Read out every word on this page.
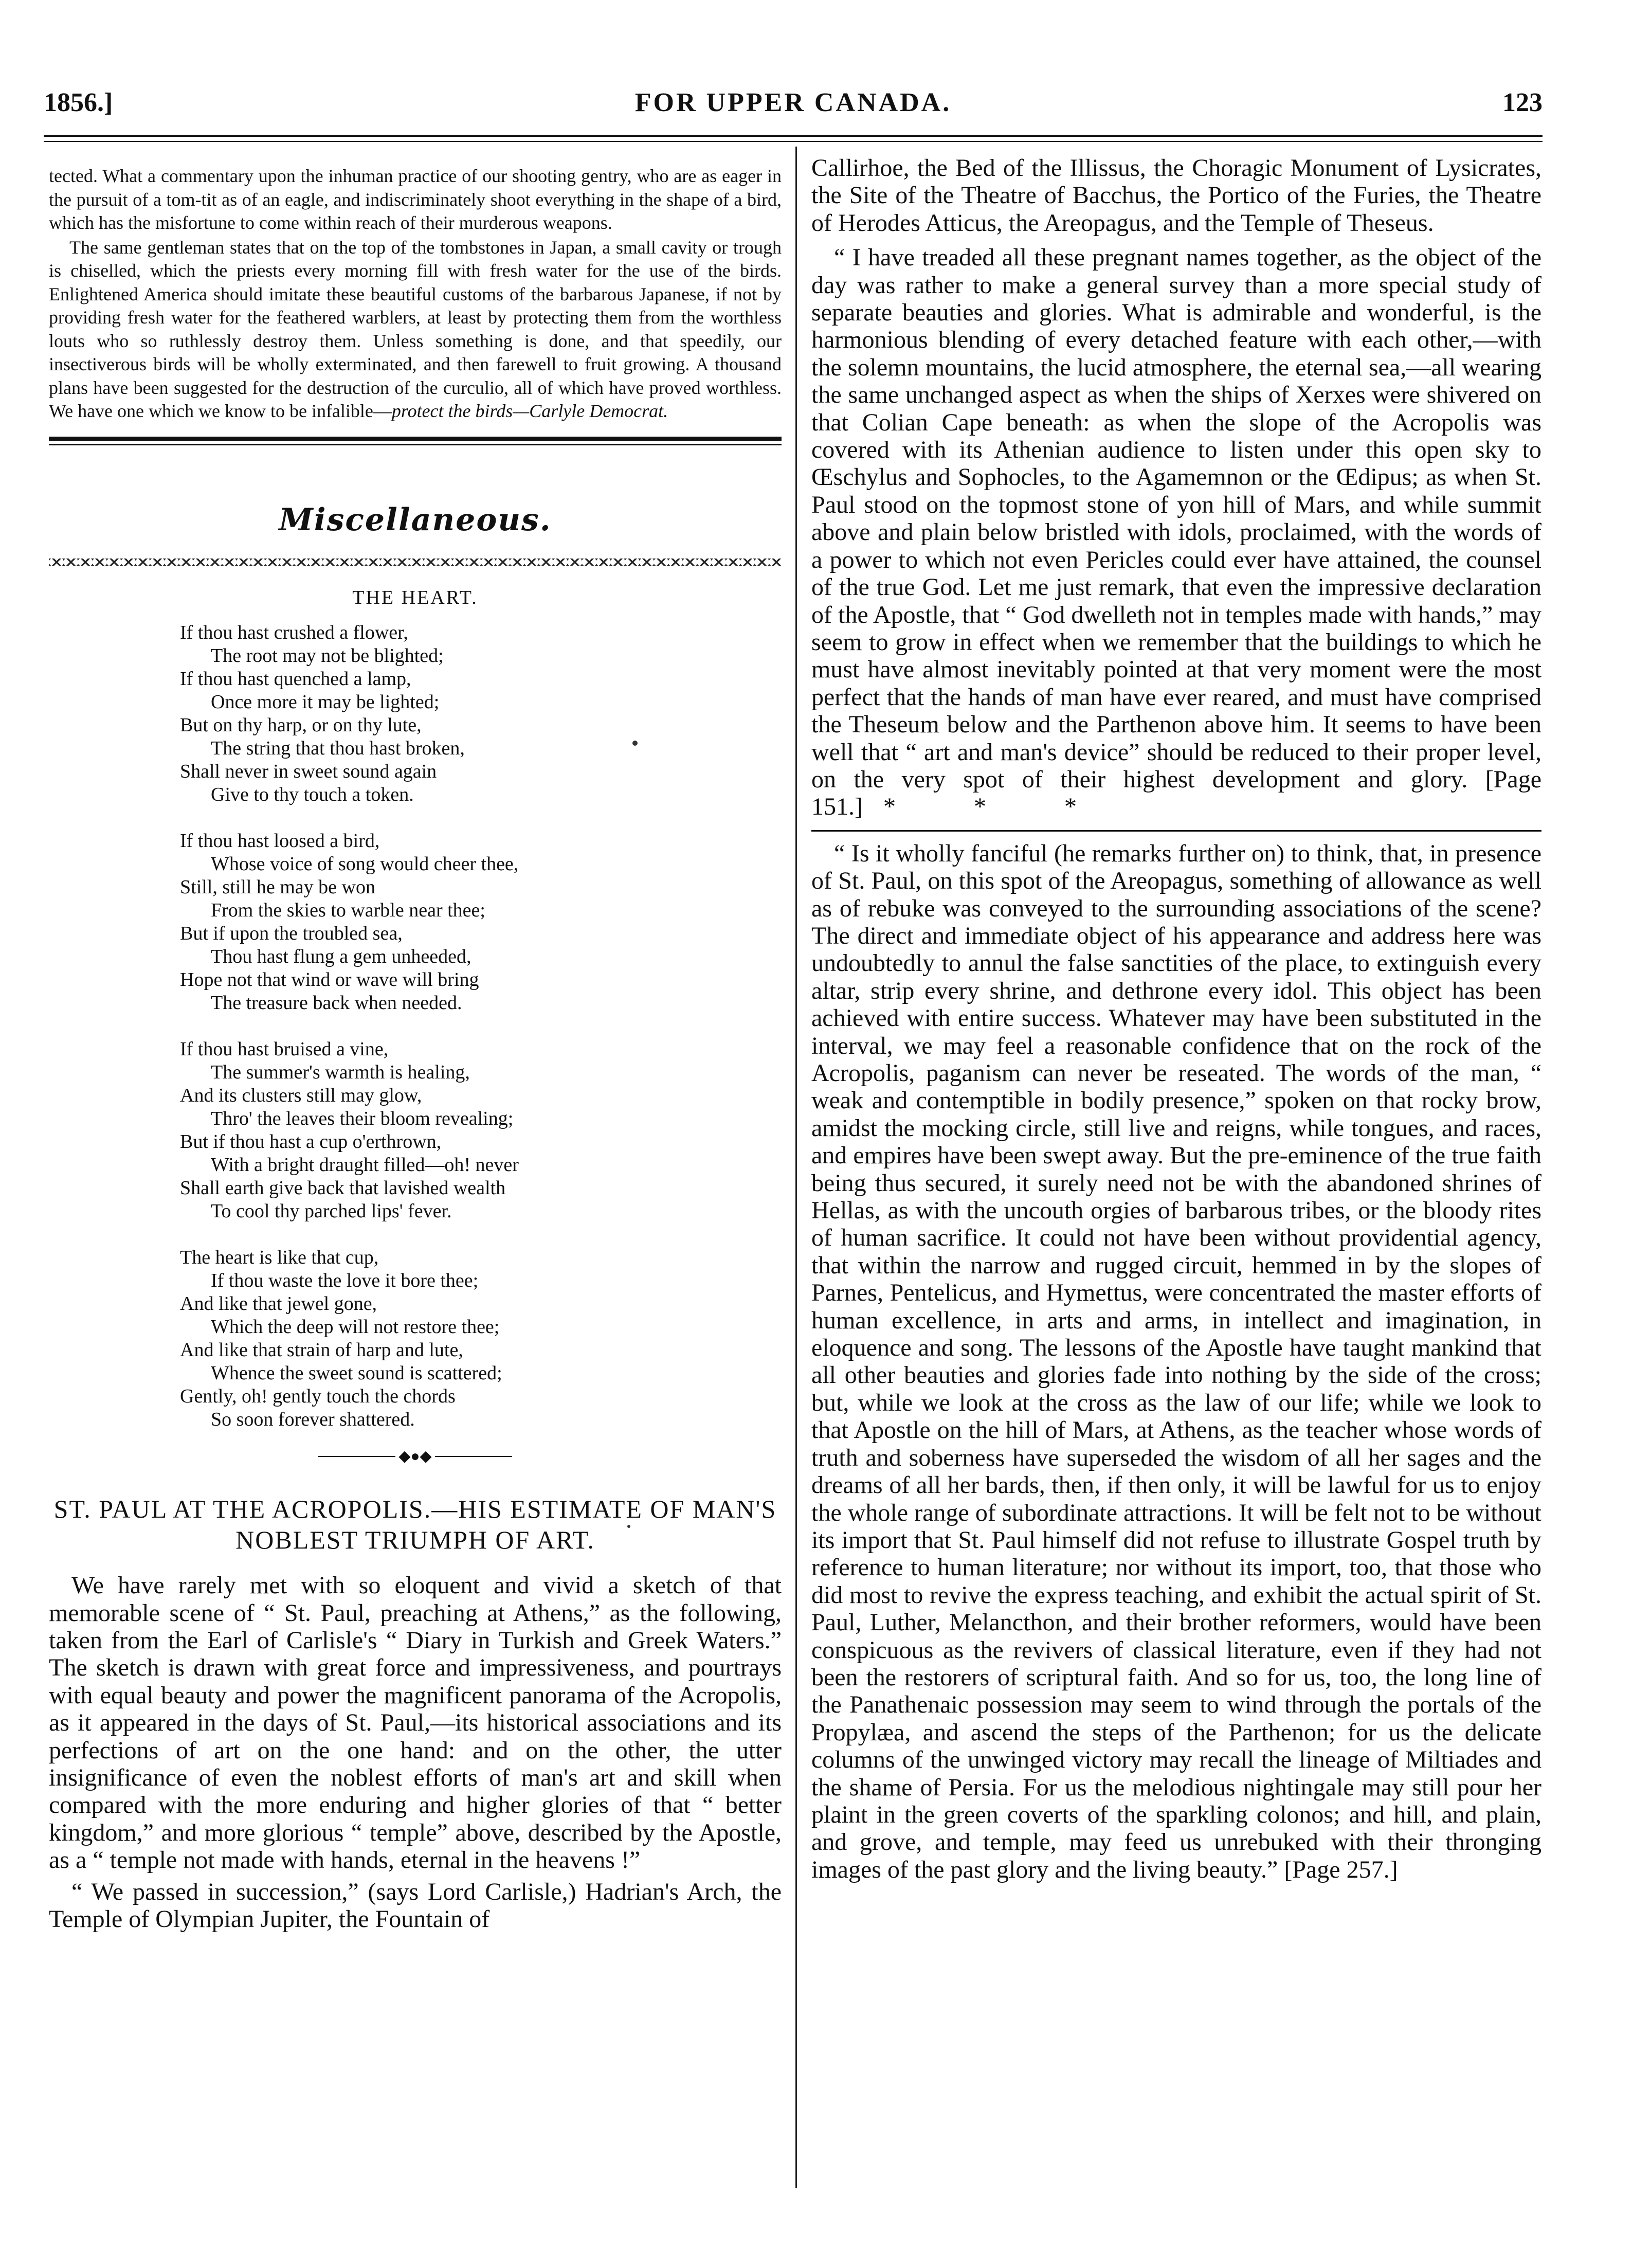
FOR UPPER CANADA.
1856.]	123

tected. What a commentary upon the inhuman practice of our shooting gentry, who are as eager in the pursuit of a tom-tit as of an eagle, and indiscriminately shoot everything in the shape of a bird, which has the misfortune to come within reach of their murderous weapons.

The same gentleman states that on the top of the tombstones in Japan, a small cavity or trough is chiselled, which the priests every morning fill with fresh water for the use of the birds. Enlightened America should imitate these beautiful customs of the barbarous Japanese, if not by providing fresh water for the feathered warblers, at least by protecting them from the worthless louts who so ruthlessly destroy them. Unless something is done, and that speedily, our insectiverous birds will be wholly exterminated, and then farewell to fruit growing. A thousand plans have been suggested for the destruction of the curculio, all of which have proved worthless. We have one which we know to be infalible—protect the birds—Carlyle Democrat.

Miscellaneous.
THE HEART.
If thou hast crushed a flower,
The root may not be blighted;
If thou hast quenched a lamp,
Once more it may be lighted;
But on thy harp, or on thy lute,
The string that thou hast broken,
Shall never in sweet sound again
Give to thy touch a token.
If thou hast loosed a bird,
Whose voice of song would cheer thee,
Still, still he may be won
From the skies to warble near thee;
But if upon the troubled sea,
Thou hast flung a gem unheeded,
Hope not that wind or wave will bring
The treasure back when needed.
If thou hast bruised a vine,
The summer's warmth is healing,
And its clusters still may glow,
Thro' the leaves their bloom revealing;
But if thou hast a cup o'erthrown,
With a bright draught filled—oh! never
Shall earth give back that lavished wealth
To cool thy parched lips' fever.
The heart is like that cup,
If thou waste the love it bore thee;
And like that jewel gone,
Which the deep will not restore thee;
And like that strain of harp and lute,
Whence the sweet sound is scattered;
Gently, oh! gently touch the chords
So soon forever shattered.
◆●◆
ST. PAUL AT THE ACROPOLIS.—HIS ESTIMATE OF MAN'S NOBLEST TRIUMPH OF ART.

We have rarely met with so eloquent and vivid a sketch of that memorable scene of “ St. Paul, preaching at Athens,” as the following, taken from the Earl of Carlisle's “ Diary in Turkish and Greek Waters.” The sketch is drawn with great force and impressiveness, and pourtrays with equal beauty and power the magnificent panorama of the Acropolis, as it appeared in the days of St. Paul,—its historical associations and its perfections of art on the one hand: and on the other, the utter insignificance of even the noblest efforts of man's art and skill when compared with the more enduring and higher glories of that “ better kingdom,” and more glorious “ temple” above, described by the Apostle, as a “ temple not made with hands, eternal in the heavens !”

“ We passed in succession,” (says Lord Carlisle,) Hadrian's Arch, the Temple of Olympian Jupiter, the Fountain of

Callirhoe, the Bed of the Illissus, the Choragic Monument of Lysicrates, the Site of the Theatre of Bacchus, the Portico of the Furies, the Theatre of Herodes Atticus, the Areopagus, and the Temple of Theseus.

“ I have treaded all these pregnant names together, as the object of the day was rather to make a general survey than a more special study of separate beauties and glories. What is admirable and wonderful, is the harmonious blending of every detached feature with each other,—with the solemn mountains, the lucid atmosphere, the eternal sea,—all wearing the same unchanged aspect as when the ships of Xerxes were shivered on that Colian Cape beneath: as when the slope of the Acropolis was covered with its Athenian audience to listen under this open sky to Œschylus and Sophocles, to the Agamemnon or the Œdipus; as when St. Paul stood on the topmost stone of yon hill of Mars, and while summit above and plain below bristled with idols, proclaimed, with the words of a power to which not even Pericles could ever have attained, the counsel of the true God. Let me just remark, that even the impressive declaration of the Apostle, that “ God dwelleth not in temples made with hands,” may seem to grow in effect when we remember that the buildings to which he must have almost inevitably pointed at that very moment were the most perfect that the hands of man have ever reared, and must have comprised the Theseum below and the Parthenon above him. It seems to have been well that “ art and man's device” should be reduced to their proper level, on the very spot of their highest development and glory. [Page 151.] * * *

“ Is it wholly fanciful (he remarks further on) to think, that, in presence of St. Paul, on this spot of the Areopagus, something of allowance as well as of rebuke was conveyed to the surrounding associations of the scene? The direct and immediate object of his appearance and address here was undoubtedly to annul the false sanctities of the place, to extinguish every altar, strip every shrine, and dethrone every idol. This object has been achieved with entire success. Whatever may have been substituted in the interval, we may feel a reasonable confidence that on the rock of the Acropolis, paganism can never be reseated. The words of the man, “ weak and contemptible in bodily presence,” spoken on that rocky brow, amidst the mocking circle, still live and reigns, while tongues, and races, and empires have been swept away. But the pre-eminence of the true faith being thus secured, it surely need not be with the abandoned shrines of Hellas, as with the uncouth orgies of barbarous tribes, or the bloody rites of human sacrifice. It could not have been without providential agency, that within the narrow and rugged circuit, hemmed in by the slopes of Parnes, Pentelicus, and Hymettus, were concentrated the master efforts of human excellence, in arts and arms, in intellect and imagination, in eloquence and song. The lessons of the Apostle have taught mankind that all other beauties and glories fade into nothing by the side of the cross; but, while we look at the cross as the law of our life; while we look to that Apostle on the hill of Mars, at Athens, as the teacher whose words of truth and soberness have superseded the wisdom of all her sages and the dreams of all her bards, then, if then only, it will be lawful for us to enjoy the whole range of subordinate attractions. It will be felt not to be without its import that St. Paul himself did not refuse to illustrate Gospel truth by reference to human literature; nor without its import, too, that those who did most to revive the express teaching, and exhibit the actual spirit of St. Paul, Luther, Melancthon, and their brother reformers, would have been conspicuous as the revivers of classical literature, even if they had not been the restorers of scriptural faith. And so for us, too, the long line of the Panathenaic possession may seem to wind through the portals of the Propylæa, and ascend the steps of the Parthenon; for us the delicate columns of the unwinged victory may recall the lineage of Miltiades and the shame of Persia. For us the melodious nightingale may still pour her plaint in the green coverts of the sparkling colonos; and hill, and plain, and grove, and temple, may feed us unrebuked with their thronging images of the past glory and the living beauty.” [Page 257.]
